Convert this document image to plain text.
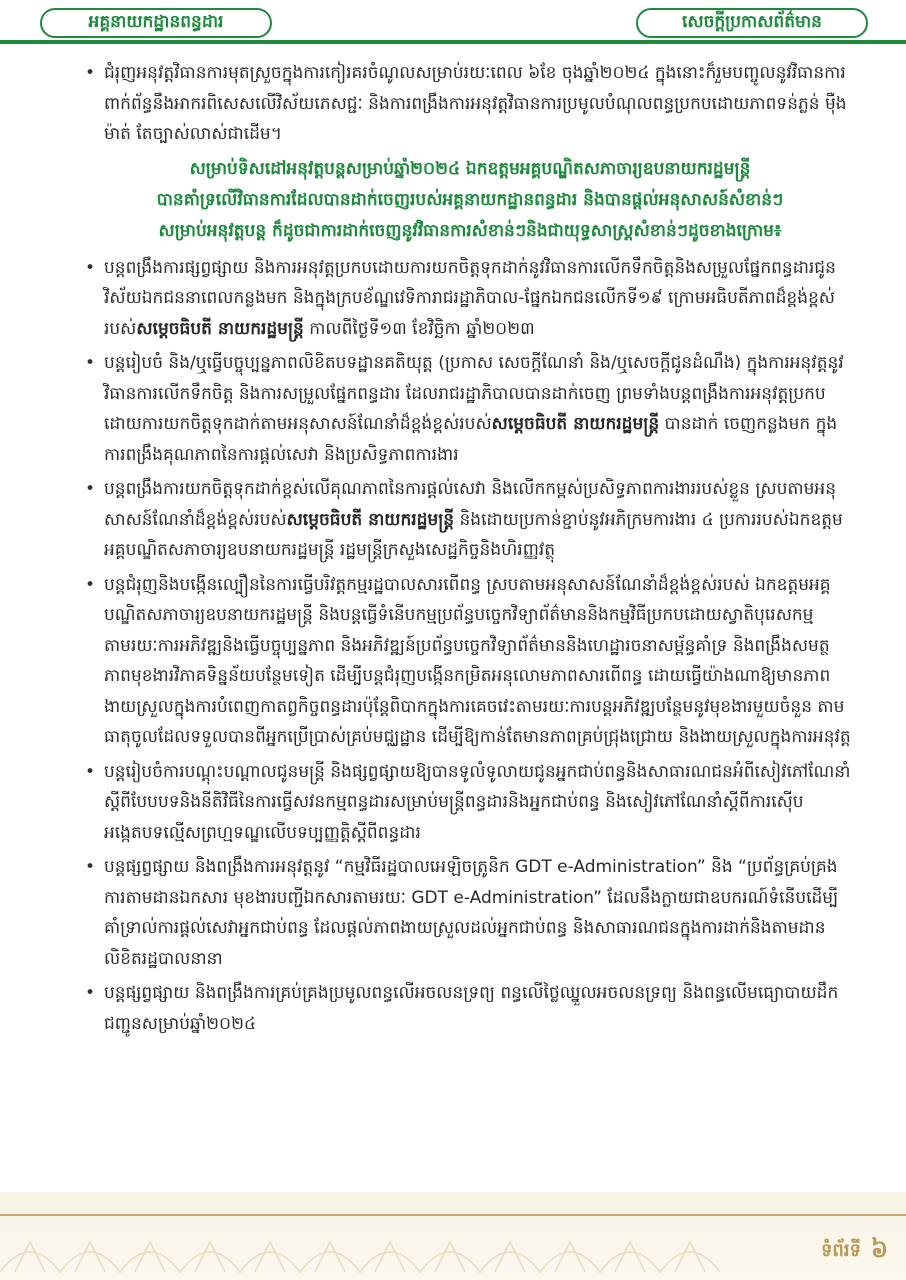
អគ្គនាយកដ្ឋានពន្ធដារ	សេចក្តីប្រកាសព័ត៌មាន
• ជំរុញអនុវត្តវិធានការមុតស្រួចក្នុងការកៀរគរចំណូលសម្រាប់រយៈពេល ៦ខែ ចុងឆ្នាំ២០២៤ ក្នុងនោះក៏រួមបញ្ចូលនូវវិធានការពាក់ព័ន្ធនឹងអាករពិសេសលើវិស័យភេសជ្ជៈ និងការពង្រឹងការអនុវត្តវិធានការប្រមូលបំណុលពន្ធប្រកបដោយភាពទន់ភ្លន់ ម៉ឺងម៉ាត់ តែច្បាស់លាស់ជាដើម។
សម្រាប់ទិសដៅអនុវត្តបន្តសម្រាប់ឆ្នាំ២០២៤ ឯកឧត្តមអគ្គបណ្ឌិតសភាចារ្យឧបនាយករដ្ឋមន្ត្រី
បានគាំទ្រលើវិធានការដែលបានដាក់ចេញរបស់អគ្គនាយកដ្ឋានពន្ធដារ និងបានផ្តល់អនុសាសន៍សំខាន់ៗ
សម្រាប់អនុវត្តបន្ត ក៏ដូចជាការដាក់ចេញនូវវិធានការសំខាន់ៗនិងជាយុទ្ធសាស្ត្រសំខាន់ៗដូចខាងក្រោម៖
• បន្តពង្រឹងការផ្សព្វផ្សាយ និងការអនុវត្តប្រកបដោយការយកចិត្តទុកដាក់នូវវិធានការលើកទឹកចិត្តនិងសម្រួលផ្នែកពន្ធដារជូនវិស័យឯកជននាពេលកន្លងមក និងក្នុងក្របខ័ណ្ឌវេទិការាជរដ្ឋាភិបាល-ផ្នែកឯកជនលើកទី១៩ ក្រោមអធិបតីភាពដ៏ខ្ពង់ខ្ពស់របស់សម្តេចធិបតី នាយករដ្ឋមន្ត្រី កាលពីថ្ងៃទី១៣ ខែវិច្ឆិកា ឆ្នាំ២០២៣
• បន្តរៀបចំ និង/ឬធ្វើបច្ចុប្បន្នភាពលិខិតបទដ្ឋានគតិយុត្ត (ប្រកាស សេចក្តីណែនាំ និង/ឬសេចក្តីជូនដំណឹង) ក្នុងការអនុវត្តនូវវិធានការលើកទឹកចិត្ត និងការសម្រួលផ្នែកពន្ធដារ ដែលរាជរដ្ឋាភិបាលបានដាក់ចេញ ព្រមទាំងបន្តពង្រឹងការអនុវត្តប្រកបដោយការយកចិត្តទុកដាក់តាមអនុសាសន៍ណែនាំដ៏ខ្ពង់ខ្ពស់របស់សម្តេចធិបតី នាយករដ្ឋមន្ត្រី បានដាក់ ចេញកន្លងមក ក្នុងការពង្រឹងគុណភាពនៃការផ្តល់សេវា និងប្រសិទ្ធភាពការងារ
• បន្តពង្រឹងការយកចិត្តទុកដាក់ខ្ពស់លើគុណភាពនៃការផ្តល់សេវា និងលើកកម្ពស់ប្រសិទ្ធភាពការងាររបស់ខ្លួន ស្របតាមអនុសាសន៍ណែនាំដ៏ខ្ពង់ខ្ពស់របស់សម្តេចធិបតី នាយករដ្ឋមន្ត្រី និងដោយប្រកាន់ខ្ជាប់នូវអភិក្រមការងារ ៤ ប្រការរបស់ឯកឧត្តមអគ្គបណ្ឌិតសភាចារ្យឧបនាយករដ្ឋមន្ត្រី រដ្ឋមន្ត្រីក្រសួងសេដ្ឋកិច្ចនិងហិរញ្ញវត្ថុ
• បន្តជំរុញនិងបង្កើនល្បឿននៃការធ្វើបរិវត្តកម្មរដ្ឋបាលសារពើពន្ធ ស្របតាមអនុសាសន៍ណែនាំដ៏ខ្ពង់ខ្ពស់របស់ ឯកឧត្តមអគ្គបណ្ឌិតសភាចារ្យឧបនាយករដ្ឋមន្ត្រី និងបន្តធ្វើទំនើបកម្មប្រព័ន្ធបច្ចេកវិទ្យាព័ត៌មាននិងកម្មវិធីប្រកបដោយស្វាតិបុរេសកម្ម តាមរយៈការអភិវឌ្ឍនិងធ្វើបច្ចុប្បន្នភាព និងអភិវឌ្ឍន៍ប្រព័ន្ធបច្ចេកវិទ្យាព័ត៌មាននិងហេដ្ឋារចនាសម្ព័ន្ធគាំទ្រ និងពង្រឹងសមត្ថភាពមុខងារវិភាគទិន្នន័យបន្ថែមទៀត ដើម្បីបន្តជំរុញបង្កើនកម្រិតអនុលោមភាពសារពើពន្ធ ដោយធ្វើយ៉ាងណាឱ្យមានភាពងាយស្រួលក្នុងការបំពេញកាតព្វកិច្ចពន្ធដារប៉ុន្តែពិបាកក្នុងការគេចវេះតាមរយៈការបន្តអភិវឌ្ឍបន្ថែមនូវមុខងារមួយចំនួន តាមធាតុចូលដែលទទួលបានពីអ្នកប្រើប្រាស់គ្រប់មជ្ឈដ្ឋាន ដើម្បីឱ្យកាន់តែមានភាពគ្រប់ជ្រុងជ្រោយ និងងាយស្រួលក្នុងការអនុវត្ត
• បន្តរៀបចំការបណ្តុះបណ្តាលជូនមន្ត្រី និងផ្សព្វផ្សាយឱ្យបានទូលំទូលាយជូនអ្នកជាប់ពន្ធនិងសាធារណជនអំពីសៀវភៅណែនាំស្តីពីបែបបទនិងនីតិវិធីនៃការធ្វើសវនកម្មពន្ធដារសម្រាប់មន្ត្រីពន្ធដារនិងអ្នកជាប់ពន្ធ និងសៀវភៅណែនាំស្តីពីការស៊ើបអង្កេតបទល្មើសព្រហ្មទណ្ឌលើបទប្បញ្ញត្តិស្តីពីពន្ធដារ
• បន្តផ្សព្វផ្សាយ និងពង្រឹងការអនុវត្តនូវ “កម្មវិធីរដ្ឋបាលអេឡិចត្រូនិក GDT e-Administration” និង “ប្រព័ន្ធគ្រប់គ្រងការតាមដានឯកសារ មុខងារបញ្ជីឯកសារតាមរយៈ GDT e-Administration” ដែលនឹងក្លាយជាឧបករណ៍ទំនើបដើម្បីគាំទ្រាល់ការផ្តល់សេវាអ្នកជាប់ពន្ធ ដែលផ្តល់ភាពងាយស្រួលដល់អ្នកជាប់ពន្ធ និងសាធារណជនក្នុងការដាក់និងតាមដានលិខិតរដ្ឋបាលនានា
• បន្តផ្សព្វផ្សាយ និងពង្រឹងការគ្រប់គ្រងប្រមូលពន្ធលើអចលនទ្រព្យ ពន្ធលើថ្លៃឈ្នួលអចលនទ្រព្យ និងពន្ធលើមធ្យោបាយដឹកជញ្ជូនសម្រាប់ឆ្នាំ២០២៤
ទំព័រទី ៦
